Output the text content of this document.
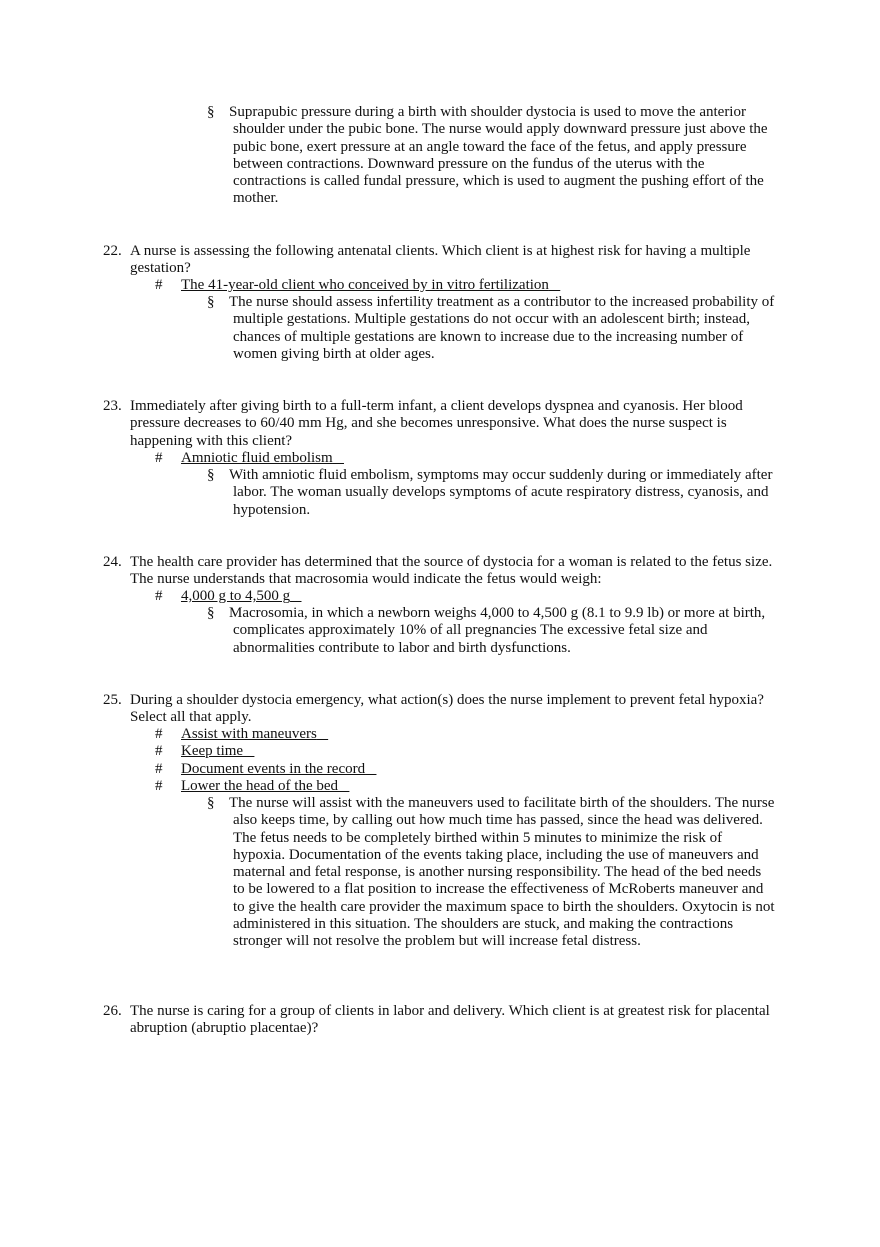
§ Suprapubic pressure during a birth with shoulder dystocia is used to move the anterior shoulder under the pubic bone. The nurse would apply downward pressure just above the pubic bone, exert pressure at an angle toward the face of the fetus, and apply pressure between contractions. Downward pressure on the fundus of the uterus with the contractions is called fundal pressure, which is used to augment the pushing effort of the mother.
22. A nurse is assessing the following antenatal clients. Which client is at highest risk for having a multiple gestation?
# The 41-year-old client who conceived by in vitro fertilization
§ The nurse should assess infertility treatment as a contributor to the increased probability of multiple gestations. Multiple gestations do not occur with an adolescent birth; instead, chances of multiple gestations are known to increase due to the increasing number of women giving birth at older ages.
23. Immediately after giving birth to a full-term infant, a client develops dyspnea and cyanosis. Her blood pressure decreases to 60/40 mm Hg, and she becomes unresponsive. What does the nurse suspect is happening with this client?
# Amniotic fluid embolism
§ With amniotic fluid embolism, symptoms may occur suddenly during or immediately after labor. The woman usually develops symptoms of acute respiratory distress, cyanosis, and hypotension.
24. The health care provider has determined that the source of dystocia for a woman is related to the fetus size. The nurse understands that macrosomia would indicate the fetus would weigh:
# 4,000 g to 4,500 g
§ Macrosomia, in which a newborn weighs 4,000 to 4,500 g (8.1 to 9.9 lb) or more at birth, complicates approximately 10% of all pregnancies The excessive fetal size and abnormalities contribute to labor and birth dysfunctions.
25. During a shoulder dystocia emergency, what action(s) does the nurse implement to prevent fetal hypoxia? Select all that apply.
# Assist with maneuvers
# Keep time
# Document events in the record
# Lower the head of the bed
§ The nurse will assist with the maneuvers used to facilitate birth of the shoulders. The nurse also keeps time, by calling out how much time has passed, since the head was delivered. The fetus needs to be completely birthed within 5 minutes to minimize the risk of hypoxia. Documentation of the events taking place, including the use of maneuvers and maternal and fetal response, is another nursing responsibility. The head of the bed needs to be lowered to a flat position to increase the effectiveness of McRoberts maneuver and to give the health care provider the maximum space to birth the shoulders. Oxytocin is not administered in this situation. The shoulders are stuck, and making the contractions stronger will not resolve the problem but will increase fetal distress.
26. The nurse is caring for a group of clients in labor and delivery. Which client is at greatest risk for placental abruption (abruptio placentae)?
